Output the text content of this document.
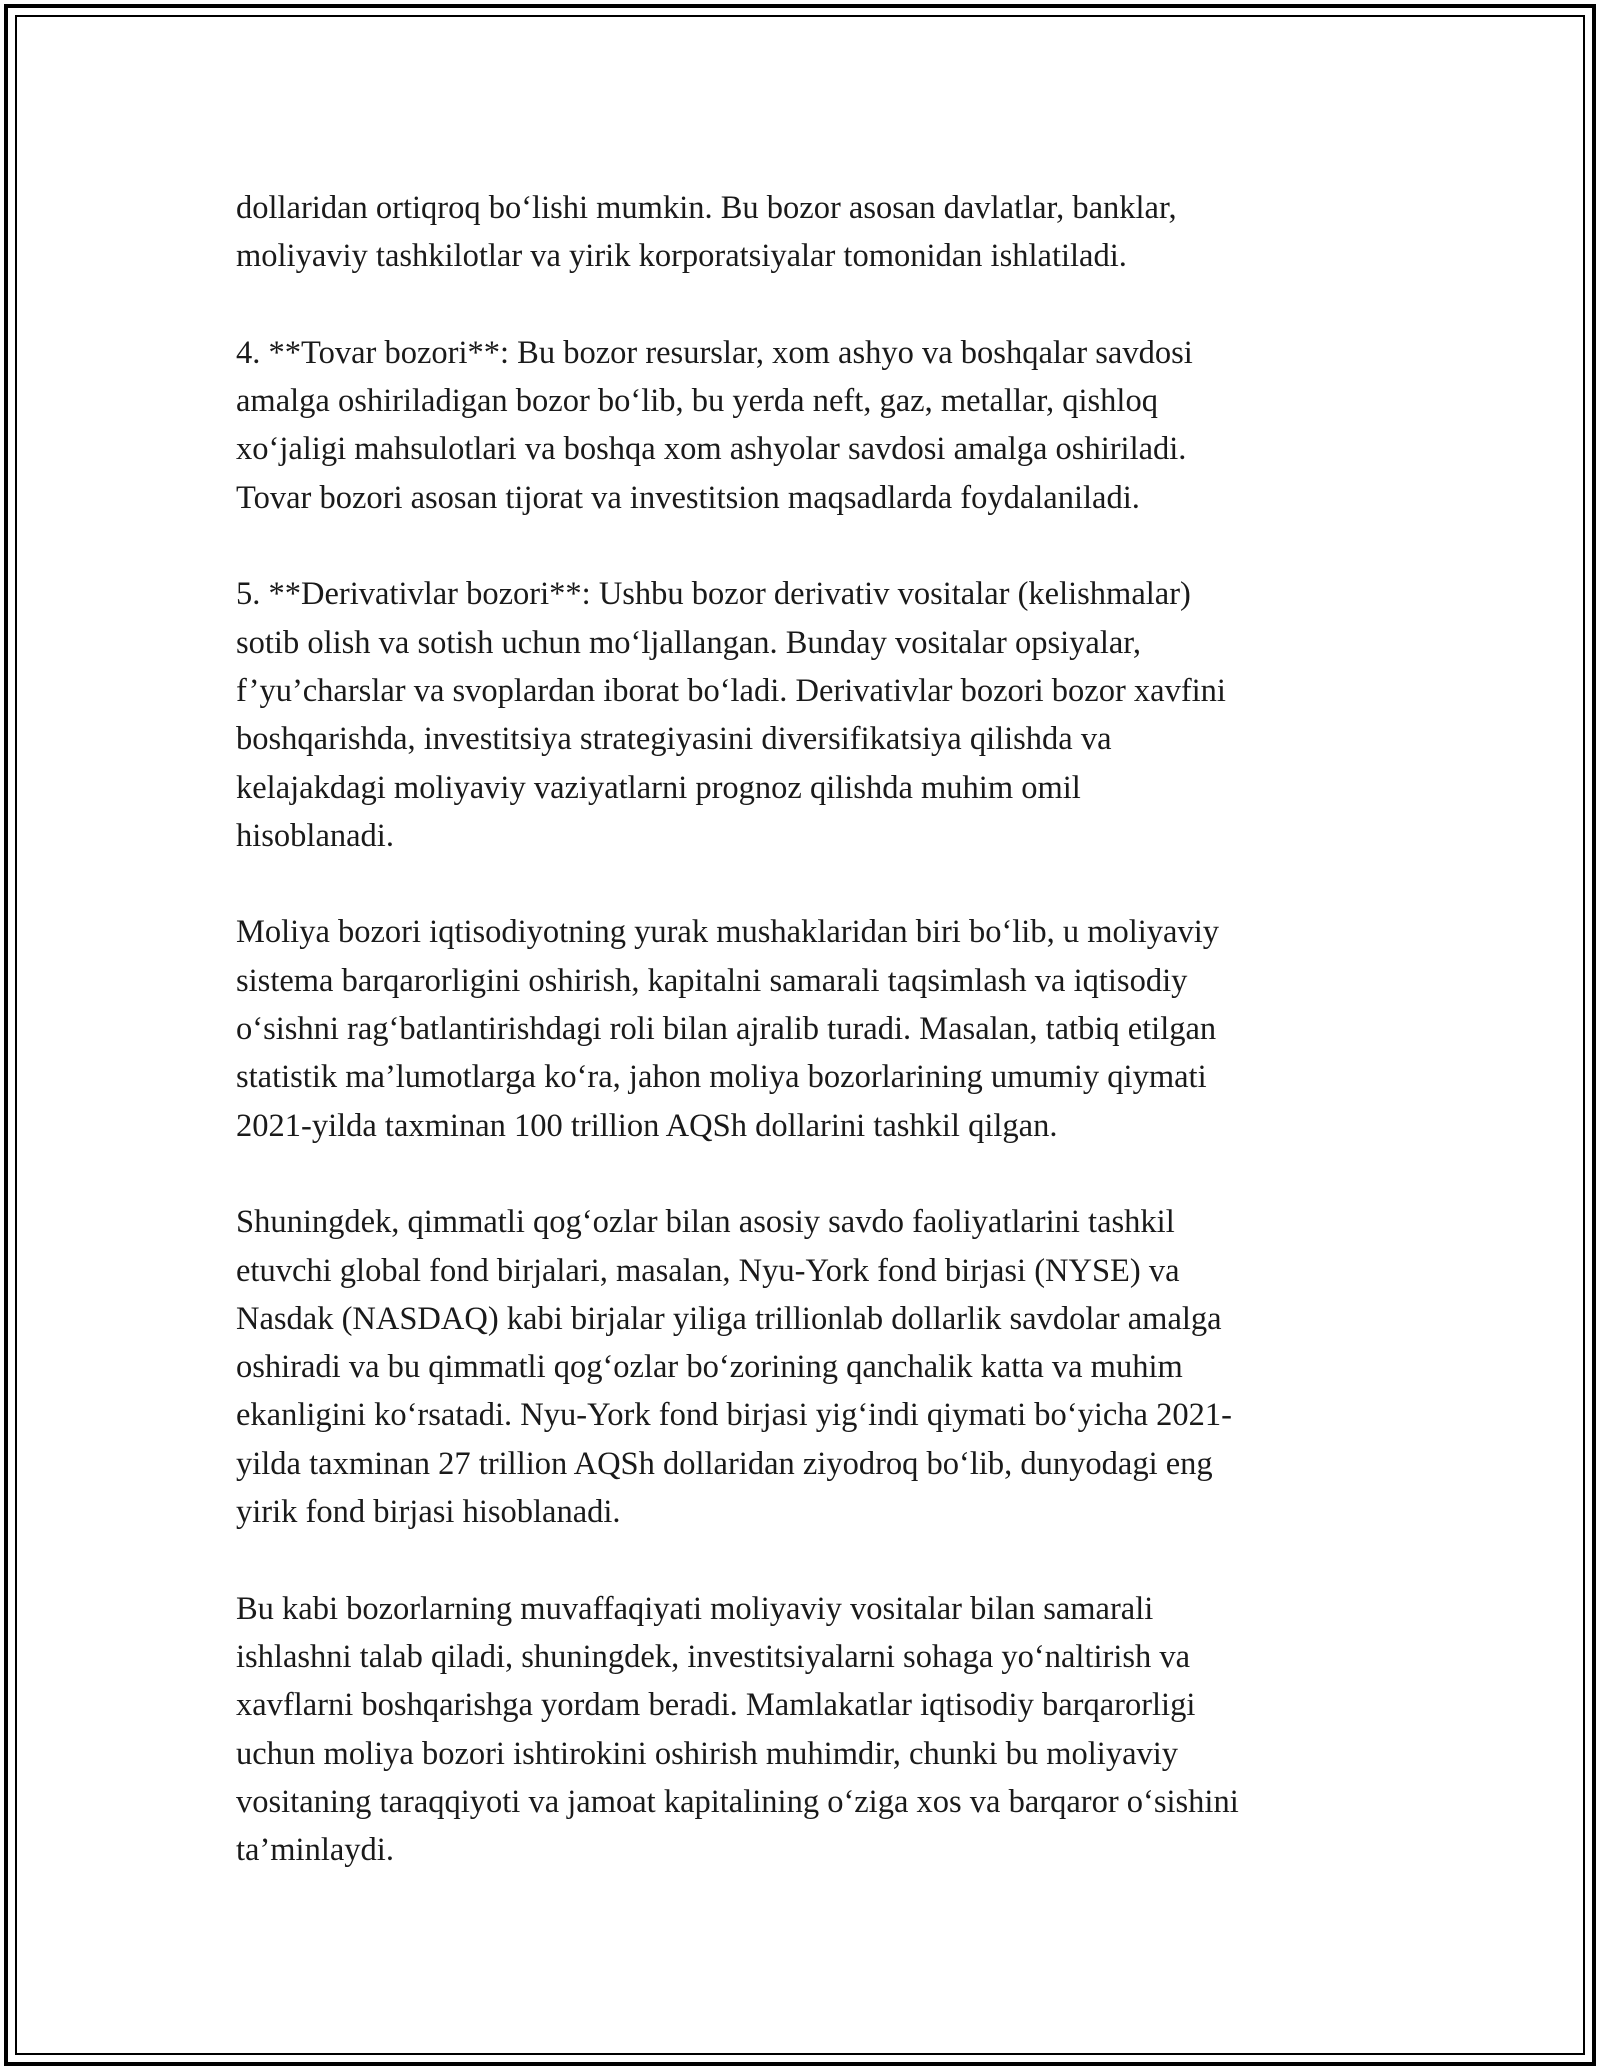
dollaridan ortiqroq bo‘lishi mumkin. Bu bozor asosan davlatlar, banklar,
moliyaviy tashkilotlar va yirik korporatsiyalar tomonidan ishlatiladi.

4. **Tovar bozori**: Bu bozor resurslar, xom ashyo va boshqalar savdosi
amalga oshiriladigan bozor bo‘lib, bu yerda neft, gaz, metallar, qishloq
xo‘jaligi mahsulotlari va boshqa xom ashyolar savdosi amalga oshiriladi.
Tovar bozori asosan tijorat va investitsion maqsadlarda foydalaniladi.

5. **Derivativlar bozori**: Ushbu bozor derivativ vositalar (kelishmalar)
sotib olish va sotish uchun mo‘ljallangan. Bunday vositalar opsiyalar,
f’yu’charslar va svoplardan iborat bo‘ladi. Derivativlar bozori bozor xavfini
boshqarishda, investitsiya strategiyasini diversifikatsiya qilishda va
kelajakdagi moliyaviy vaziyatlarni prognoz qilishda muhim omil
hisoblanadi.

Moliya bozori iqtisodiyotning yurak mushaklaridan biri bo‘lib, u moliyaviy
sistema barqarorligini oshirish, kapitalni samarali taqsimlash va iqtisodiy
o‘sishni rag‘batlantirishdagi roli bilan ajralib turadi. Masalan, tatbiq etilgan
statistik ma’lumotlarga ko‘ra, jahon moliya bozorlarining umumiy qiymati
2021-yilda taxminan 100 trillion AQSh dollarini tashkil qilgan.

Shuningdek, qimmatli qog‘ozlar bilan asosiy savdo faoliyatlarini tashkil
etuvchi global fond birjalari, masalan, Nyu-York fond birjasi (NYSE) va
Nasdak (NASDAQ) kabi birjalar yiliga trillionlab dollarlik savdolar amalga
oshiradi va bu qimmatli qog‘ozlar bo‘zorining qanchalik katta va muhim
ekanligini ko‘rsatadi. Nyu-York fond birjasi yig‘indi qiymati bo‘yicha 2021-
yilda taxminan 27 trillion AQSh dollaridan ziyodroq bo‘lib, dunyodagi eng
yirik fond birjasi hisoblanadi.

Bu kabi bozorlarning muvaffaqiyati moliyaviy vositalar bilan samarali
ishlashni talab qiladi, shuningdek, investitsiyalarni sohaga yo‘naltirish va
xavflarni boshqarishga yordam beradi. Mamlakatlar iqtisodiy barqarorligi
uchun moliya bozori ishtirokini oshirish muhimdir, chunki bu moliyaviy
vositaning taraqqiyoti va jamoat kapitalining o‘ziga xos va barqaror o‘sishini
ta’minlaydi.
